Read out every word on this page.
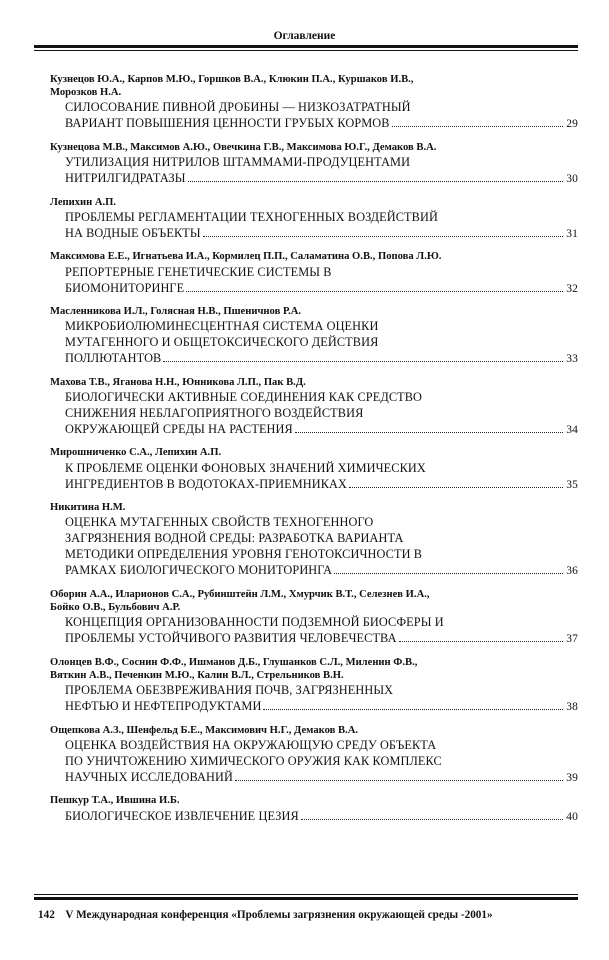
Оглавление
Кузнецов Ю.А., Карпов М.Ю., Горшков В.А., Клюкин П.А., Куршаков И.В.,
Морозков Н.А.
СИЛОСОВАНИЕ ПИВНОЙ ДРОБИНЫ — НИЗКОЗАТРАТНЫЙ
ВАРИАНТ ПОВЫШЕНИЯ ЦЕННОСТИ ГРУБЫХ КОРМОВ	29
Кузнецова М.В., Максимов А.Ю., Овечкина Г.В., Максимова Ю.Г., Демаков В.А.
УТИЛИЗАЦИЯ НИТРИЛОВ ШТАММАМИ-ПРОДУЦЕНТАМИ
НИТРИЛГИДРАТАЗЫ	30
Лепихин А.П.
ПРОБЛЕМЫ РЕГЛАМЕНТАЦИИ ТЕХНОГЕННЫХ ВОЗДЕЙСТВИЙ
НА ВОДНЫЕ ОБЪЕКТЫ	31
Максимова Е.Е., Игнатьева И.А., Кормилец П.П., Саламатина О.В., Попова Л.Ю.
РЕПОРТЕРНЫЕ ГЕНЕТИЧЕСКИЕ СИСТЕМЫ В
БИОМОНИТОРИНГЕ	32
Масленникова И.Л., Голясная Н.В., Пшеничнов Р.А.
МИКРОБИОЛЮМИНЕСЦЕНТНАЯ СИСТЕМА ОЦЕНКИ
МУТАГЕННОГО И ОБЩЕТОКСИЧЕСКОГО ДЕЙСТВИЯ
ПОЛЛЮТАНТОВ	33
Махова Т.В., Яганова Н.Н., Юнникова Л.П., Пак В.Д.
БИОЛОГИЧЕСКИ АКТИВНЫЕ СОЕДИНЕНИЯ КАК СРЕДСТВО
СНИЖЕНИЯ НЕБЛАГОПРИЯТНОГО ВОЗДЕЙСТВИЯ
ОКРУЖАЮЩЕЙ СРЕДЫ НА РАСТЕНИЯ	34
Мирошниченко С.А., Лепихин А.П.
К ПРОБЛЕМЕ ОЦЕНКИ ФОНОВЫХ ЗНАЧЕНИЙ ХИМИЧЕСКИХ
ИНГРЕДИЕНТОВ В ВОДОТОКАХ-ПРИЕМНИКАХ	35
Никитина Н.М.
ОЦЕНКА МУТАГЕННЫХ СВОЙСТВ ТЕХНОГЕННОГО
ЗАГРЯЗНЕНИЯ ВОДНОЙ СРЕДЫ: РАЗРАБОТКА ВАРИАНТА
МЕТОДИКИ ОПРЕДЕЛЕНИЯ УРОВНЯ ГЕНОТОКСИЧНОСТИ В
РАМКАХ БИОЛОГИЧЕСКОГО МОНИТОРИНГА	36
Оборин А.А., Иларионов С.А., Рубинштейн Л.М., Хмурчик В.Т., Селезнев И.А.,
Бойко О.В., Бульбович А.Р.
КОНЦЕПЦИЯ ОРГАНИЗОВАННОСТИ ПОДЗЕМНОЙ БИОСФЕРЫ И
ПРОБЛЕМЫ УСТОЙЧИВОГО РАЗВИТИЯ ЧЕЛОВЕЧЕСТВА	37
Олонцев В.Ф., Соснин Ф.Ф., Ишманов Д.Б., Глушанков С.Л., Миленин Ф.В.,
Вяткин А.В., Печенкин М.Ю., Калин В.Л., Стрельников В.Н.
ПРОБЛЕМА ОБЕЗВРЕЖИВАНИЯ ПОЧВ, ЗАГРЯЗНЕННЫХ
НЕФТЬЮ И НЕФТЕПРОДУКТАМИ	38
Ощепкова А.З., Шенфельд Б.Е., Максимович Н.Г., Демаков В.А.
ОЦЕНКА ВОЗДЕЙСТВИЯ НА ОКРУЖАЮЩУЮ СРЕДУ ОБЪЕКТА
ПО УНИЧТОЖЕНИЮ ХИМИЧЕСКОГО ОРУЖИЯ КАК КОМПЛЕКС
НАУЧНЫХ ИССЛЕДОВАНИЙ	39
Пешкур Т.А., Ившина И.Б.
БИОЛОГИЧЕСКОЕ ИЗВЛЕЧЕНИЕ ЦЕЗИЯ	40
142 V Международная конференция «Проблемы загрязнения окружающей среды -2001»
